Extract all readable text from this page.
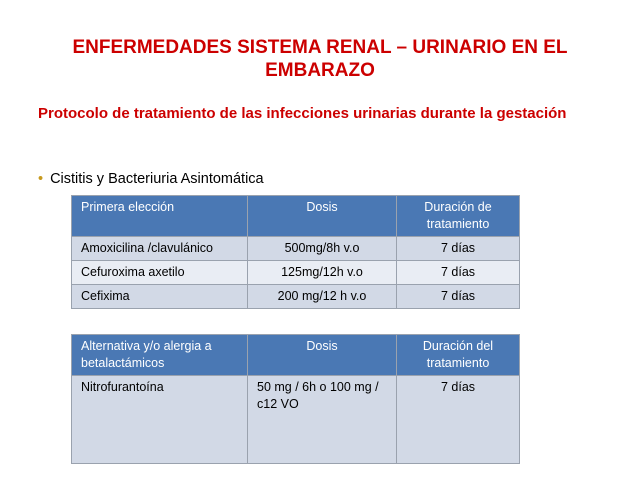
ENFERMEDADES SISTEMA RENAL – URINARIO EN EL EMBARAZO
Protocolo de tratamiento de las infecciones urinarias durante la gestación
• Cistitis y Bacteriuria Asintomática
Primera elección	Dosis	Duración de tratamiento
Amoxicilina /clavulánico	500mg/8h v.o	7 días
Cefuroxima axetilo	125mg/12h v.o	7 días
Cefixima	200 mg/12 h v.o	7 días
Alternativa y/o alergia a betalactámicos	Dosis	Duración del tratamiento
Nitrofurantoína	50 mg / 6h o 100 mg / c12 VO	7 días
